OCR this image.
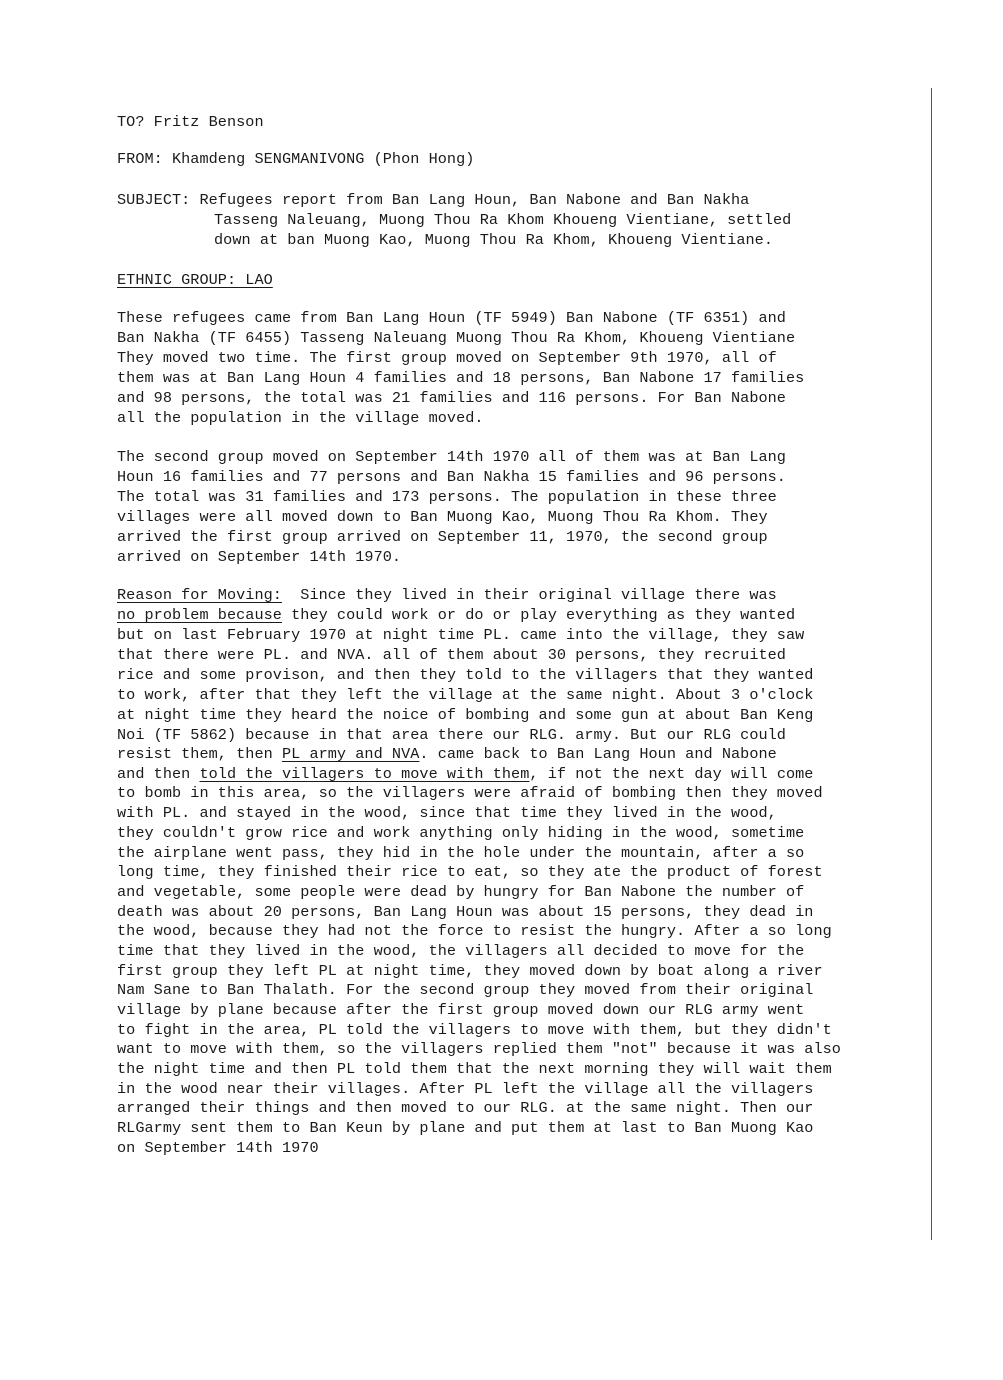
TO? Fritz Benson
FROM: Khamdeng SENGMANIVONG (Phon Hong)
SUBJECT: Refugees report from Ban Lang Houn, Ban Nabone and Ban Nakha
Tasseng Naleuang, Muong Thou Ra Khom Khoueng Vientiane, settled
down at ban Muong Kao, Muong Thou Ra Khom, Khoueng Vientiane.
ETHNIC GROUP: LAO
These refugees came from Ban Lang Houn (TF 5949) Ban Nabone (TF 6351) and
Ban Nakha (TF 6455) Tasseng Naleuang Muong Thou Ra Khom, Khoueng Vientiane
They moved two time. The first group moved on September 9th 1970, all of
them was at Ban Lang Houn 4 families and 18 persons, Ban Nabone 17 families
and 98 persons, the total was 21 families and 116 persons. For Ban Nabone
all the population in the village moved.
The second group moved on September 14th 1970 all of them was at Ban Lang
Houn 16 families and 77 persons and Ban Nakha 15 families and 96 persons.
The total was 31 families and 173 persons. The population in these three
villages were all moved down to Ban Muong Kao, Muong Thou Ra Khom. They
arrived the first group arrived on September 11, 1970, the second group
arrived on September 14th 1970.
Reason for Moving:  Since they lived in their original village there was
no problem because they could work or do or play everything as they wanted
but on last February 1970 at night time PL. came into the village, they saw
that there were PL. and NVA. all of them about 30 persons, they recruited
rice and some provison, and then they told to the villagers that they wanted
to work, after that they left the village at the same night. About 3 o'clock
at night time they heard the noice of bombing and some gun at about Ban Keng
Noi (TF 5862) because in that area there our RLG. army. But our RLG could
resist them, then PL army and NVA. came back to Ban Lang Houn and Nabone
and then told the villagers to move with them, if not the next day will come
to bomb in this area, so the villagers were afraid of bombing then they moved
with PL. and stayed in the wood, since that time they lived in the wood,
they couldn't grow rice and work anything only hiding in the wood, sometime
the airplane went pass, they hid in the hole under the mountain, after a so
long time, they finished their rice to eat, so they ate the product of forest
and vegetable, some people were dead by hungry for Ban Nabone the number of
death was about 20 persons, Ban Lang Houn was about 15 persons, they dead in
the wood, because they had not the force to resist the hungry. After a so long
time that they lived in the wood, the villagers all decided to move for the
first group they left PL at night time, they moved down by boat along a river
Nam Sane to Ban Thalath. For the second group they moved from their original
village by plane because after the first group moved down our RLG army went
to fight in the area, PL told the villagers to move with them, but they didn't
want to move with them, so the villagers replied them "not" because it was also
the night time and then PL told them that the next morning they will wait them
in the wood near their villages. After PL left the village all the villagers
arranged their things and then moved to our RLG. at the same night. Then our
RLGarmy sent them to Ban Keun by plane and put them at last to Ban Muong Kao
on September 14th 1970
